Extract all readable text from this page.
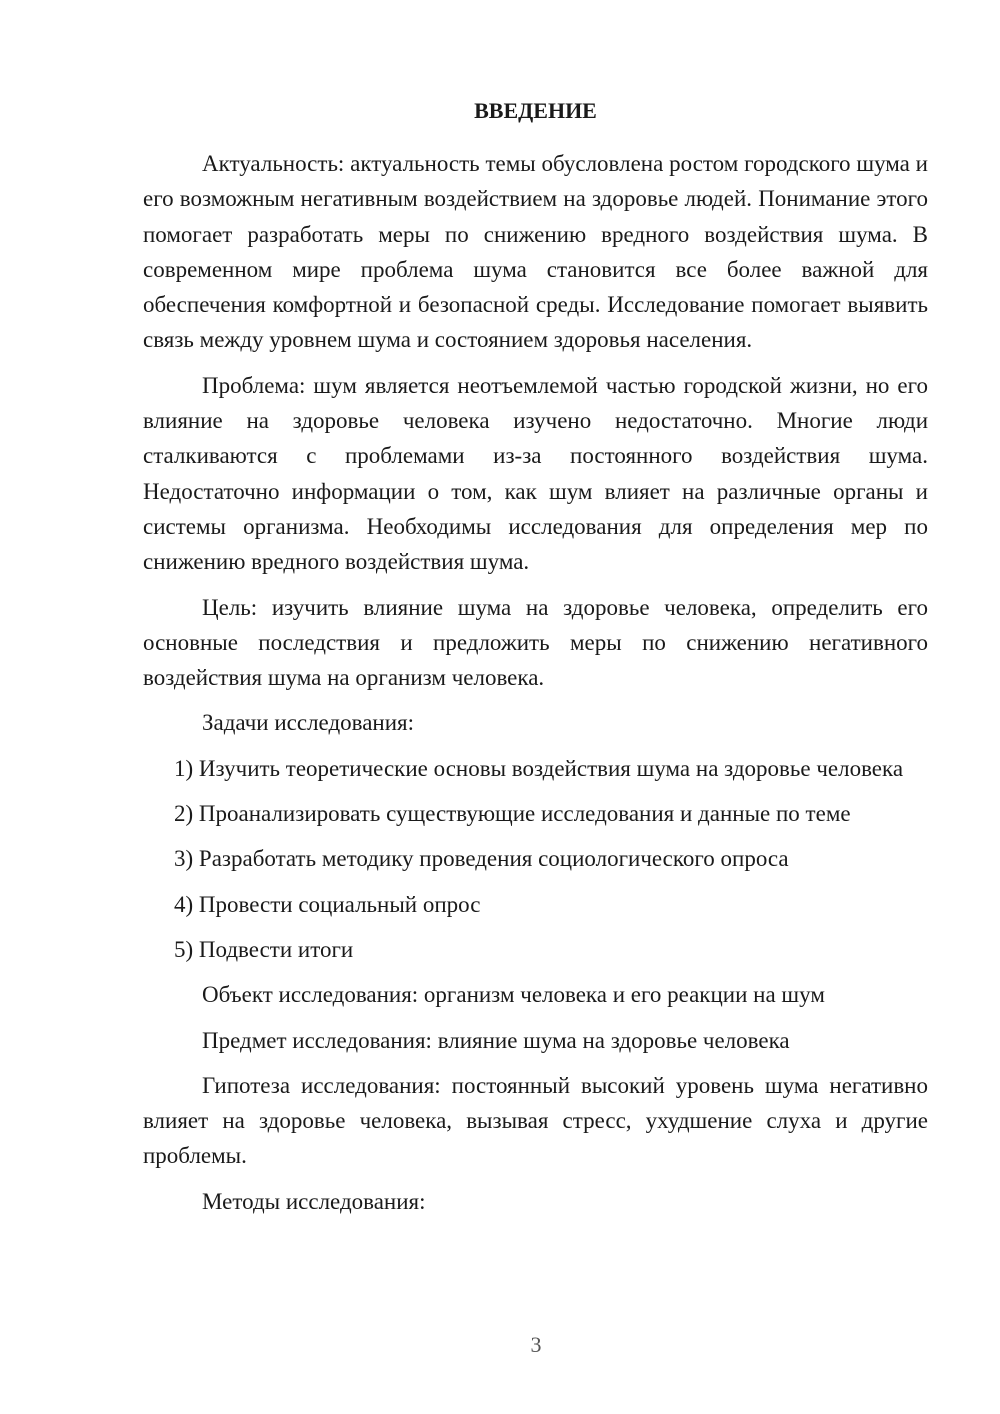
ВВЕДЕНИЕ

Актуальность: актуальность темы обусловлена ростом городского шума и его возможным негативным воздействием на здоровье людей. Понимание этого помогает разработать меры по снижению вредного воздействия шума. В современном мире проблема шума становится все более важной для обеспечения комфортной и безопасной среды. Исследование помогает выявить связь между уровнем шума и состоянием здоровья населения.

Проблема: шум является неотъемлемой частью городской жизни, но его влияние на здоровье человека изучено недостаточно. Многие люди сталкиваются с проблемами из-за постоянного воздействия шума. Недостаточно информации о том, как шум влияет на различные органы и системы организма. Необходимы исследования для определения мер по снижению вредного воздействия шума.

Цель: изучить влияние шума на здоровье человека, определить его основные последствия и предложить меры по снижению негативного воздействия шума на организм человека.

Задачи исследования:

1) Изучить теоретические основы воздействия шума на здоровье человека

2) Проанализировать существующие исследования и данные по теме

3) Разработать методику проведения социологического опроса

4) Провести социальный опрос

5) Подвести итоги

Объект исследования: организм человека и его реакции на шум

Предмет исследования: влияние шума на здоровье человека

Гипотеза исследования: постоянный высокий уровень шума негативно влияет на здоровье человека, вызывая стресс, ухудшение слуха и другие проблемы.

Методы исследования:

3
